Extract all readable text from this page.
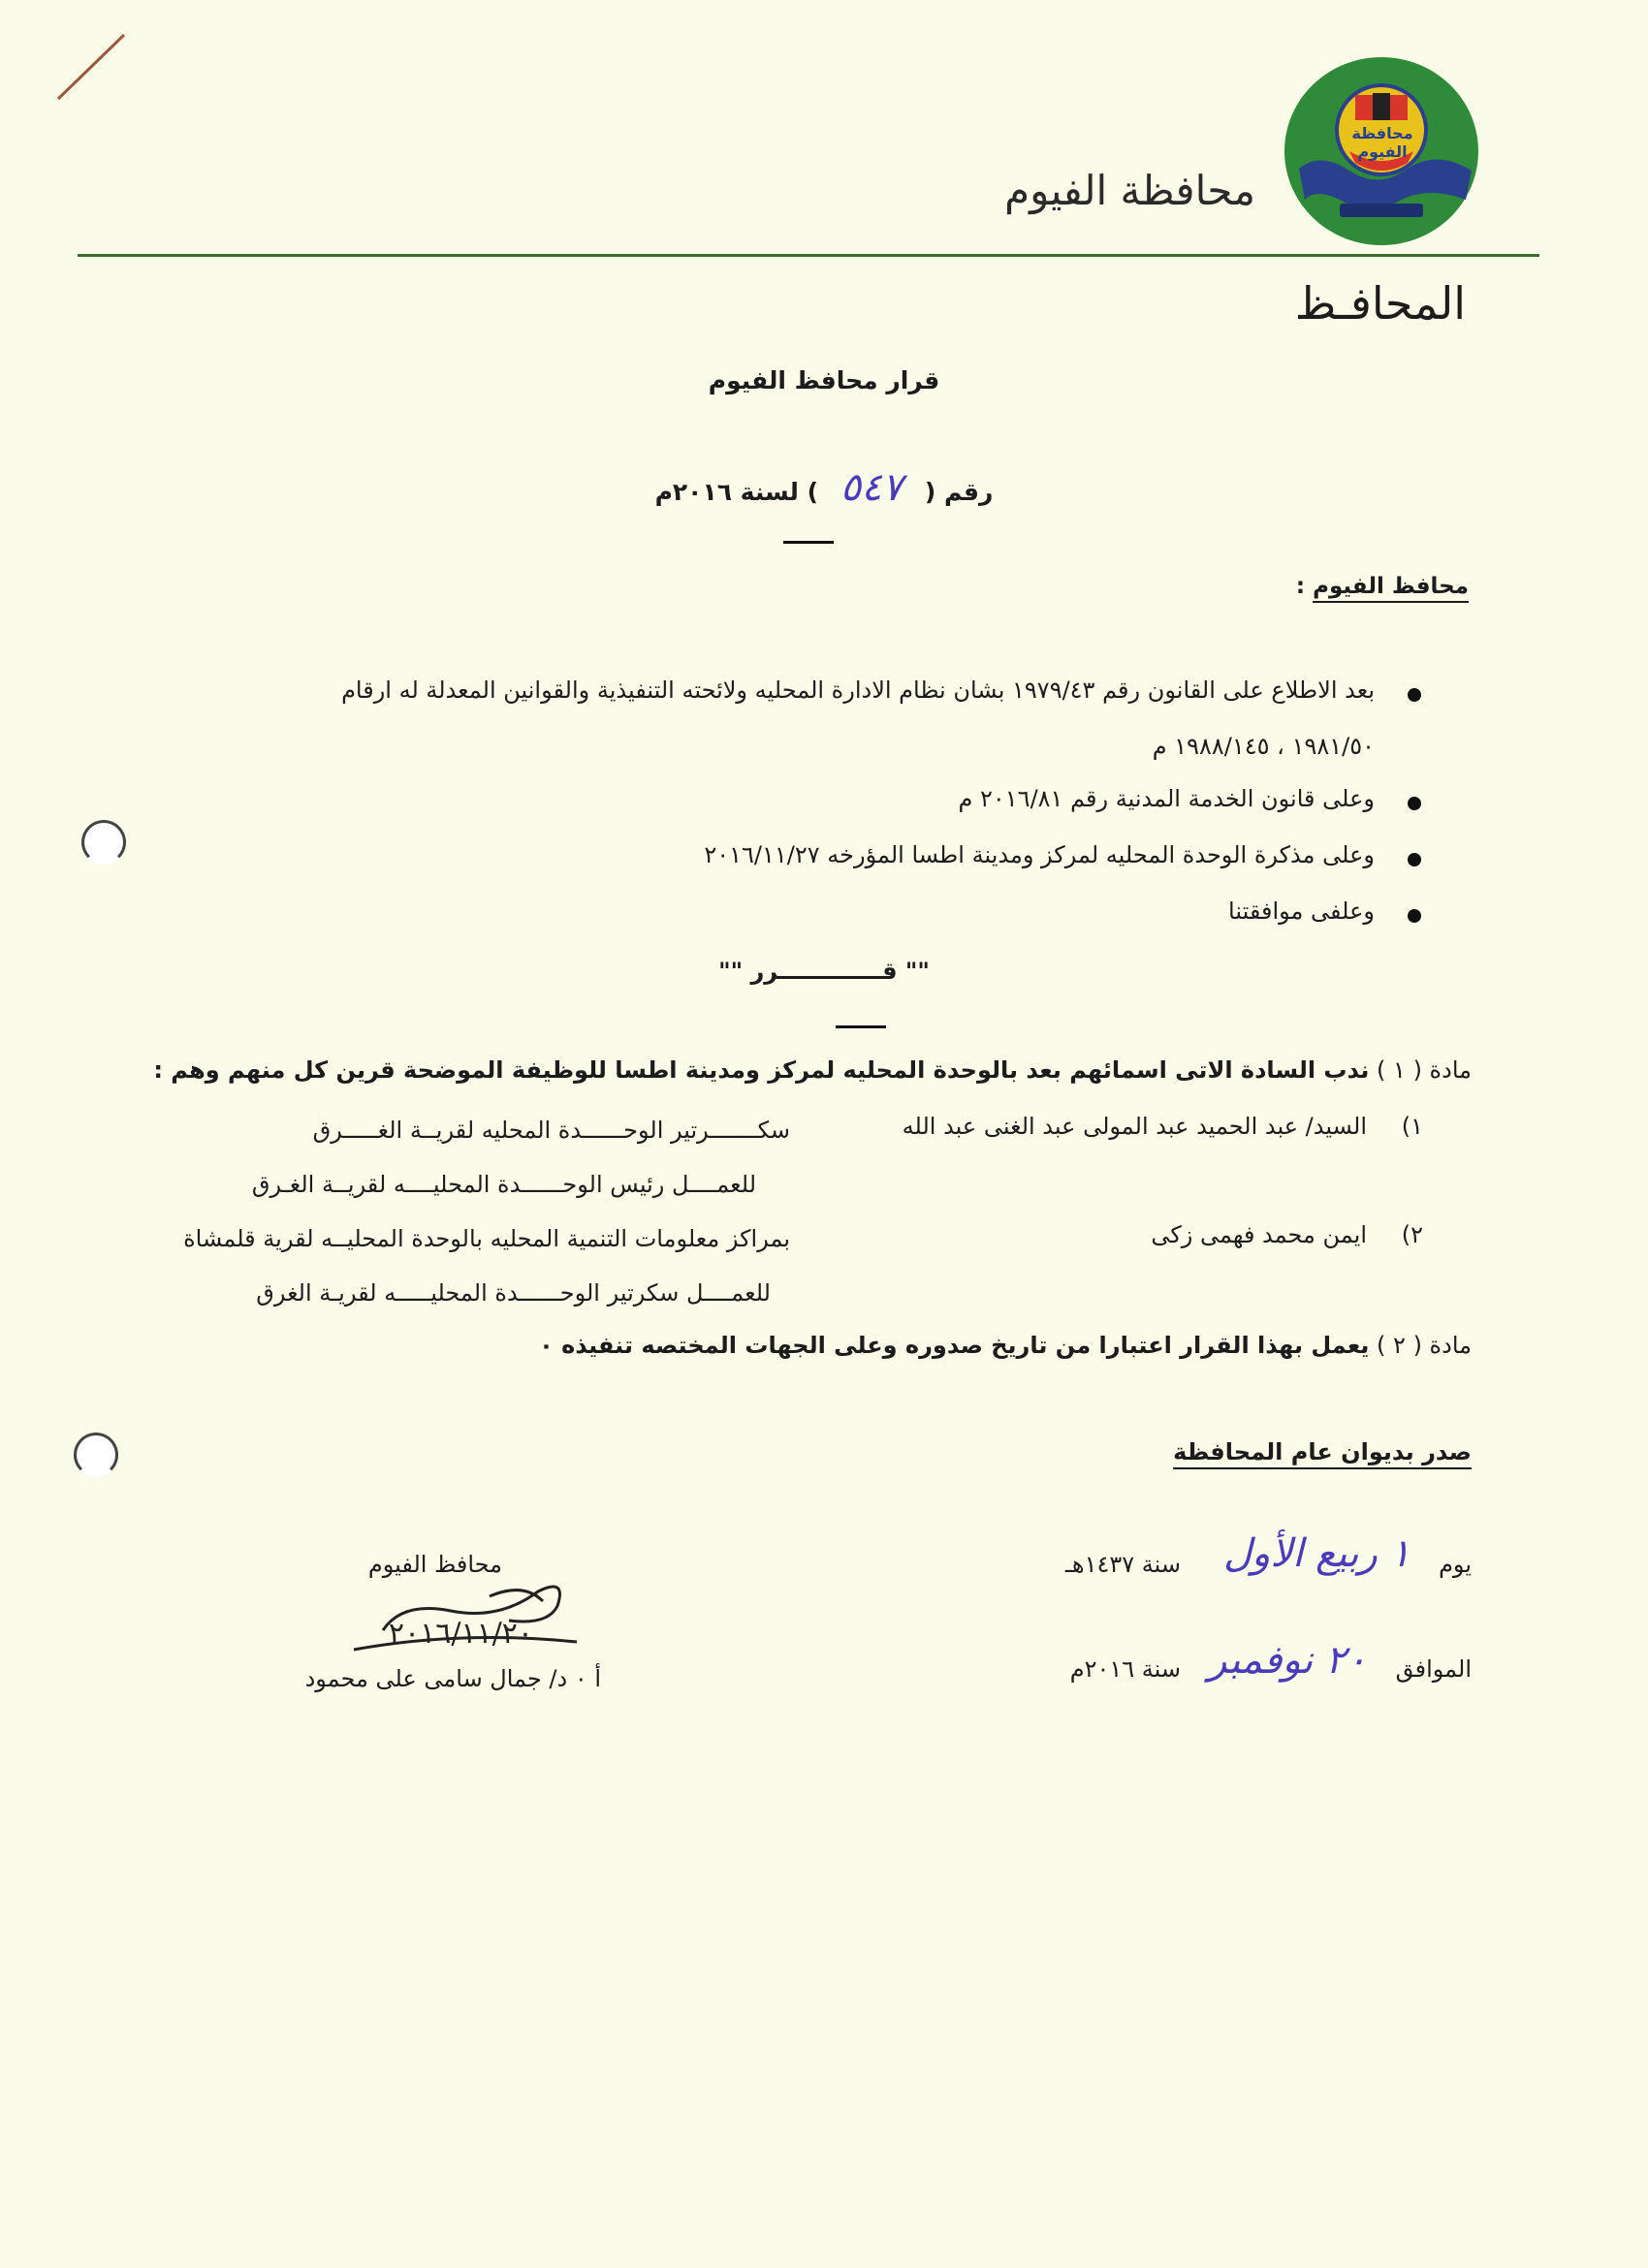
محافظة الفيوم
محافظة الفيوم
المحافـظ
قرار محافظ الفيوم
رقم ( ٥٤٧ ) لسنة ٢٠١٦م
محافظ الفيوم :
بعد الاطلاع على القانون رقم ١٩٧٩/٤٣ بشان نظام الادارة المحليه ولائحته التنفيذية والقوانين المعدلة له ارقام
١٩٨١/٥٠ ، ١٩٨٨/١٤٥ م
وعلى قانون الخدمة المدنية رقم ٢٠١٦/٨١ م
وعلى مذكرة الوحدة المحليه لمركز ومدينة اطسا المؤرخه ٢٠١٦/١١/٢٧
وعلفى موافقتنا
"" قـــــــــــــرر ""
مادة ( ١ ) ندب السادة الاتى اسمائهم بعد بالوحدة المحليه لمركز ومدينة اطسا للوظيفة الموضحة قرين كل منهم وهم :
١)
السيد/ عبد الحميد عبد المولى عبد الغنى عبد الله
سكـــــــرتير الوحــــــدة المحليه لقريــة الغـــــرق
للعمــــل رئيس الوحــــــدة المحليــــه لقريــة الغـرق
٢)
ايمن محمد فهمى زكى
بمراكز معلومات التنمية المحليه بالوحدة المحليــه لقرية قلمشاة
للعمــــل سكرتير الوحــــــدة المحليـــــه لقريـة الغرق
مادة ( ٢ ) يعمل بهذا القرار اعتبارا من تاريخ صدوره وعلى الجهات المختصه تنفيذه ٠
صدر بديوان عام المحافظة
يوم
١ ربيع الأول
سنة ١٤٣٧هـ
الموافق
٢٠ نوفمبر
سنة ٢٠١٦م
محافظ الفيوم
٢٠١٦/١١/٢٠
أ ٠ د/ جمال سامى على محمود
